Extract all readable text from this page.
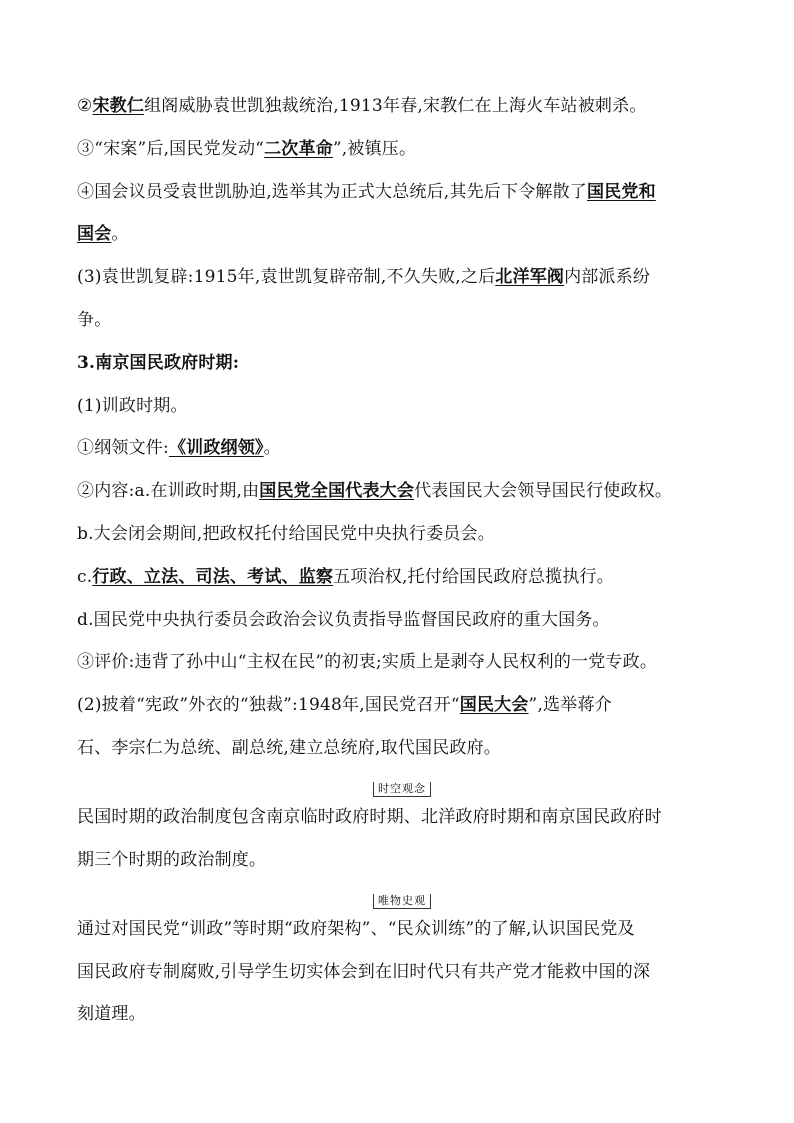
②宋教仁组阁威胁袁世凯独裁统治,1913年春,宋教仁在上海火车站被刺杀。
③“宋案”后,国民党发动“二次革命”,被镇压。
④国会议员受袁世凯胁迫,选举其为正式大总统后,其先后下令解散了国民党和
国会。
(3)袁世凯复辟:1915年,袁世凯复辟帝制,不久失败,之后北洋军阀内部派系纷
争。
3.南京国民政府时期:
(1)训政时期。
①纲领文件:《训政纲领》。
②内容:a.在训政时期,由国民党全国代表大会代表国民大会领导国民行使政权。
b.大会闭会期间,把政权托付给国民党中央执行委员会。
c.行政、立法、司法、考试、监察五项治权,托付给国民政府总揽执行。
d.国民党中央执行委员会政治会议负责指导监督国民政府的重大国务。
③评价:违背了孙中山“主权在民”的初衷;实质上是剥夺人民权利的一党专政。
(2)披着“宪政”外衣的“独裁”:1948年,国民党召开“国民大会”,选举蒋介
石、李宗仁为总统、副总统,建立总统府,取代国民政府。
时空观念
民国时期的政治制度包含南京临时政府时期、北洋政府时期和南京国民政府时
期三个时期的政治制度。
唯物史观
通过对国民党“训政”等时期“政府架构”、“民众训练”的了解,认识国民党及
国民政府专制腐败,引导学生切实体会到在旧时代只有共产党才能救中国的深
刻道理。
